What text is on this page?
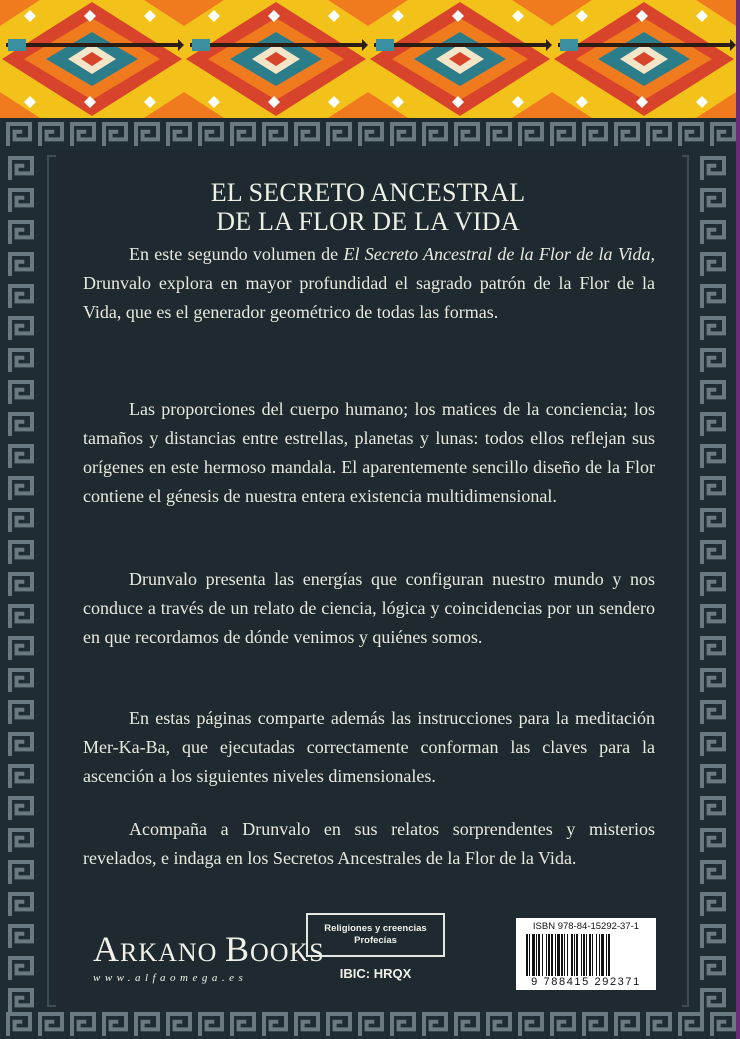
EL SECRETO ANCESTRAL
DE LA FLOR DE LA VIDA

En este segundo volumen de El Secreto Ancestral de la Flor de la Vida, Drunvalo explora en mayor profundidad el sagrado patrón de la Flor de la Vida, que es el generador geométrico de todas las formas.

Las proporciones del cuerpo humano; los matices de la conciencia; los tamaños y distancias entre estrellas, planetas y lunas: todos ellos reflejan sus orígenes en este hermoso mandala. El aparentemente sencillo diseño de la Flor contiene el génesis de nuestra entera existencia multidimensional.

Drunvalo presenta las energías que configuran nuestro mundo y nos conduce a través de un relato de ciencia, lógica y coincidencias por un sendero en que recordamos de dónde venimos y quiénes somos.

En estas páginas comparte además las instrucciones para la meditación Mer-Ka-Ba, que ejecutadas correctamente conforman las claves para la ascención a los siguientes niveles dimensionales.

Acompaña a Drunvalo en sus relatos sorprendentes y misterios revelados, e indaga en los Secretos Ancestrales de la Flor de la Vida.

ARKANO BOOKS
www.alfaomega.es
Religiones y creencias
Profecías
IBIC: HRQX
ISBN 978-84-15292-37-1
9 788415 292371
